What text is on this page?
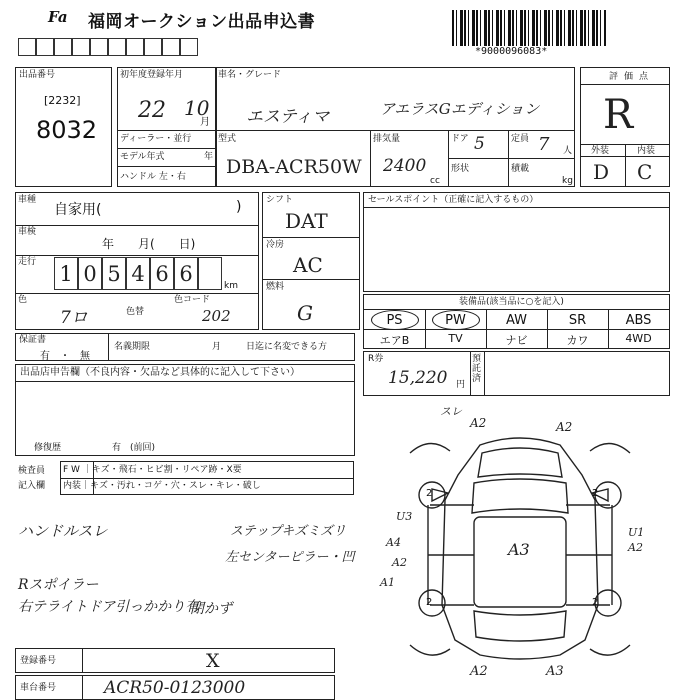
Fa 福岡オークション出品申込書
*9000096083*
出品番号
[2232]
8032
初年度登録年月
22 10
月
車名・グレード
エスティマ	アエラスGエディション
ディーラー・並行
モデル年式	年
ハンドル 左・右
型式
DBA-ACR50W
排気量
2400
cc
ドア 5
形状
定員 7 人
積載
kg
評価点
R
外装	内装
D C
車種
自家用(	)
車検
年　　月(　　日)
走行 1 0 5 4 6 6	km
色
7ロ	色替
色コード
202
シフト
DAT
冷房
AC
燃料
G
セールスポイント（正確に記入するもの）
装備品(該当品に○を記入)
PS	PW	AW	SR	ABS
エアB	TV	ナビ	カワ	4WD
R券
15,220 円
預託済
保証書
有　・　無
名義期限	月	日迄に名変できる方
出品店申告欄（不良内容・欠品など具体的に記入して下さい）
修復歴	有　(前回)
検査員
記入欄
F W ｜キズ・飛石・ヒビ割・リペア跡・X要
内装｜キズ・汚れ・コゲ・穴・スレ・キレ・破し
ハンドルスレ	ステップキズミズリ
左センターピラー・凹
Rスポイラー
右テライトドア引っかかり有
閉かず
スレ
A2	A2
U3
A4
A2
A1
U1
A2
A3
2	2
2	2
A2	A3
登録番号	X
車台番号	ACR50-0123000
